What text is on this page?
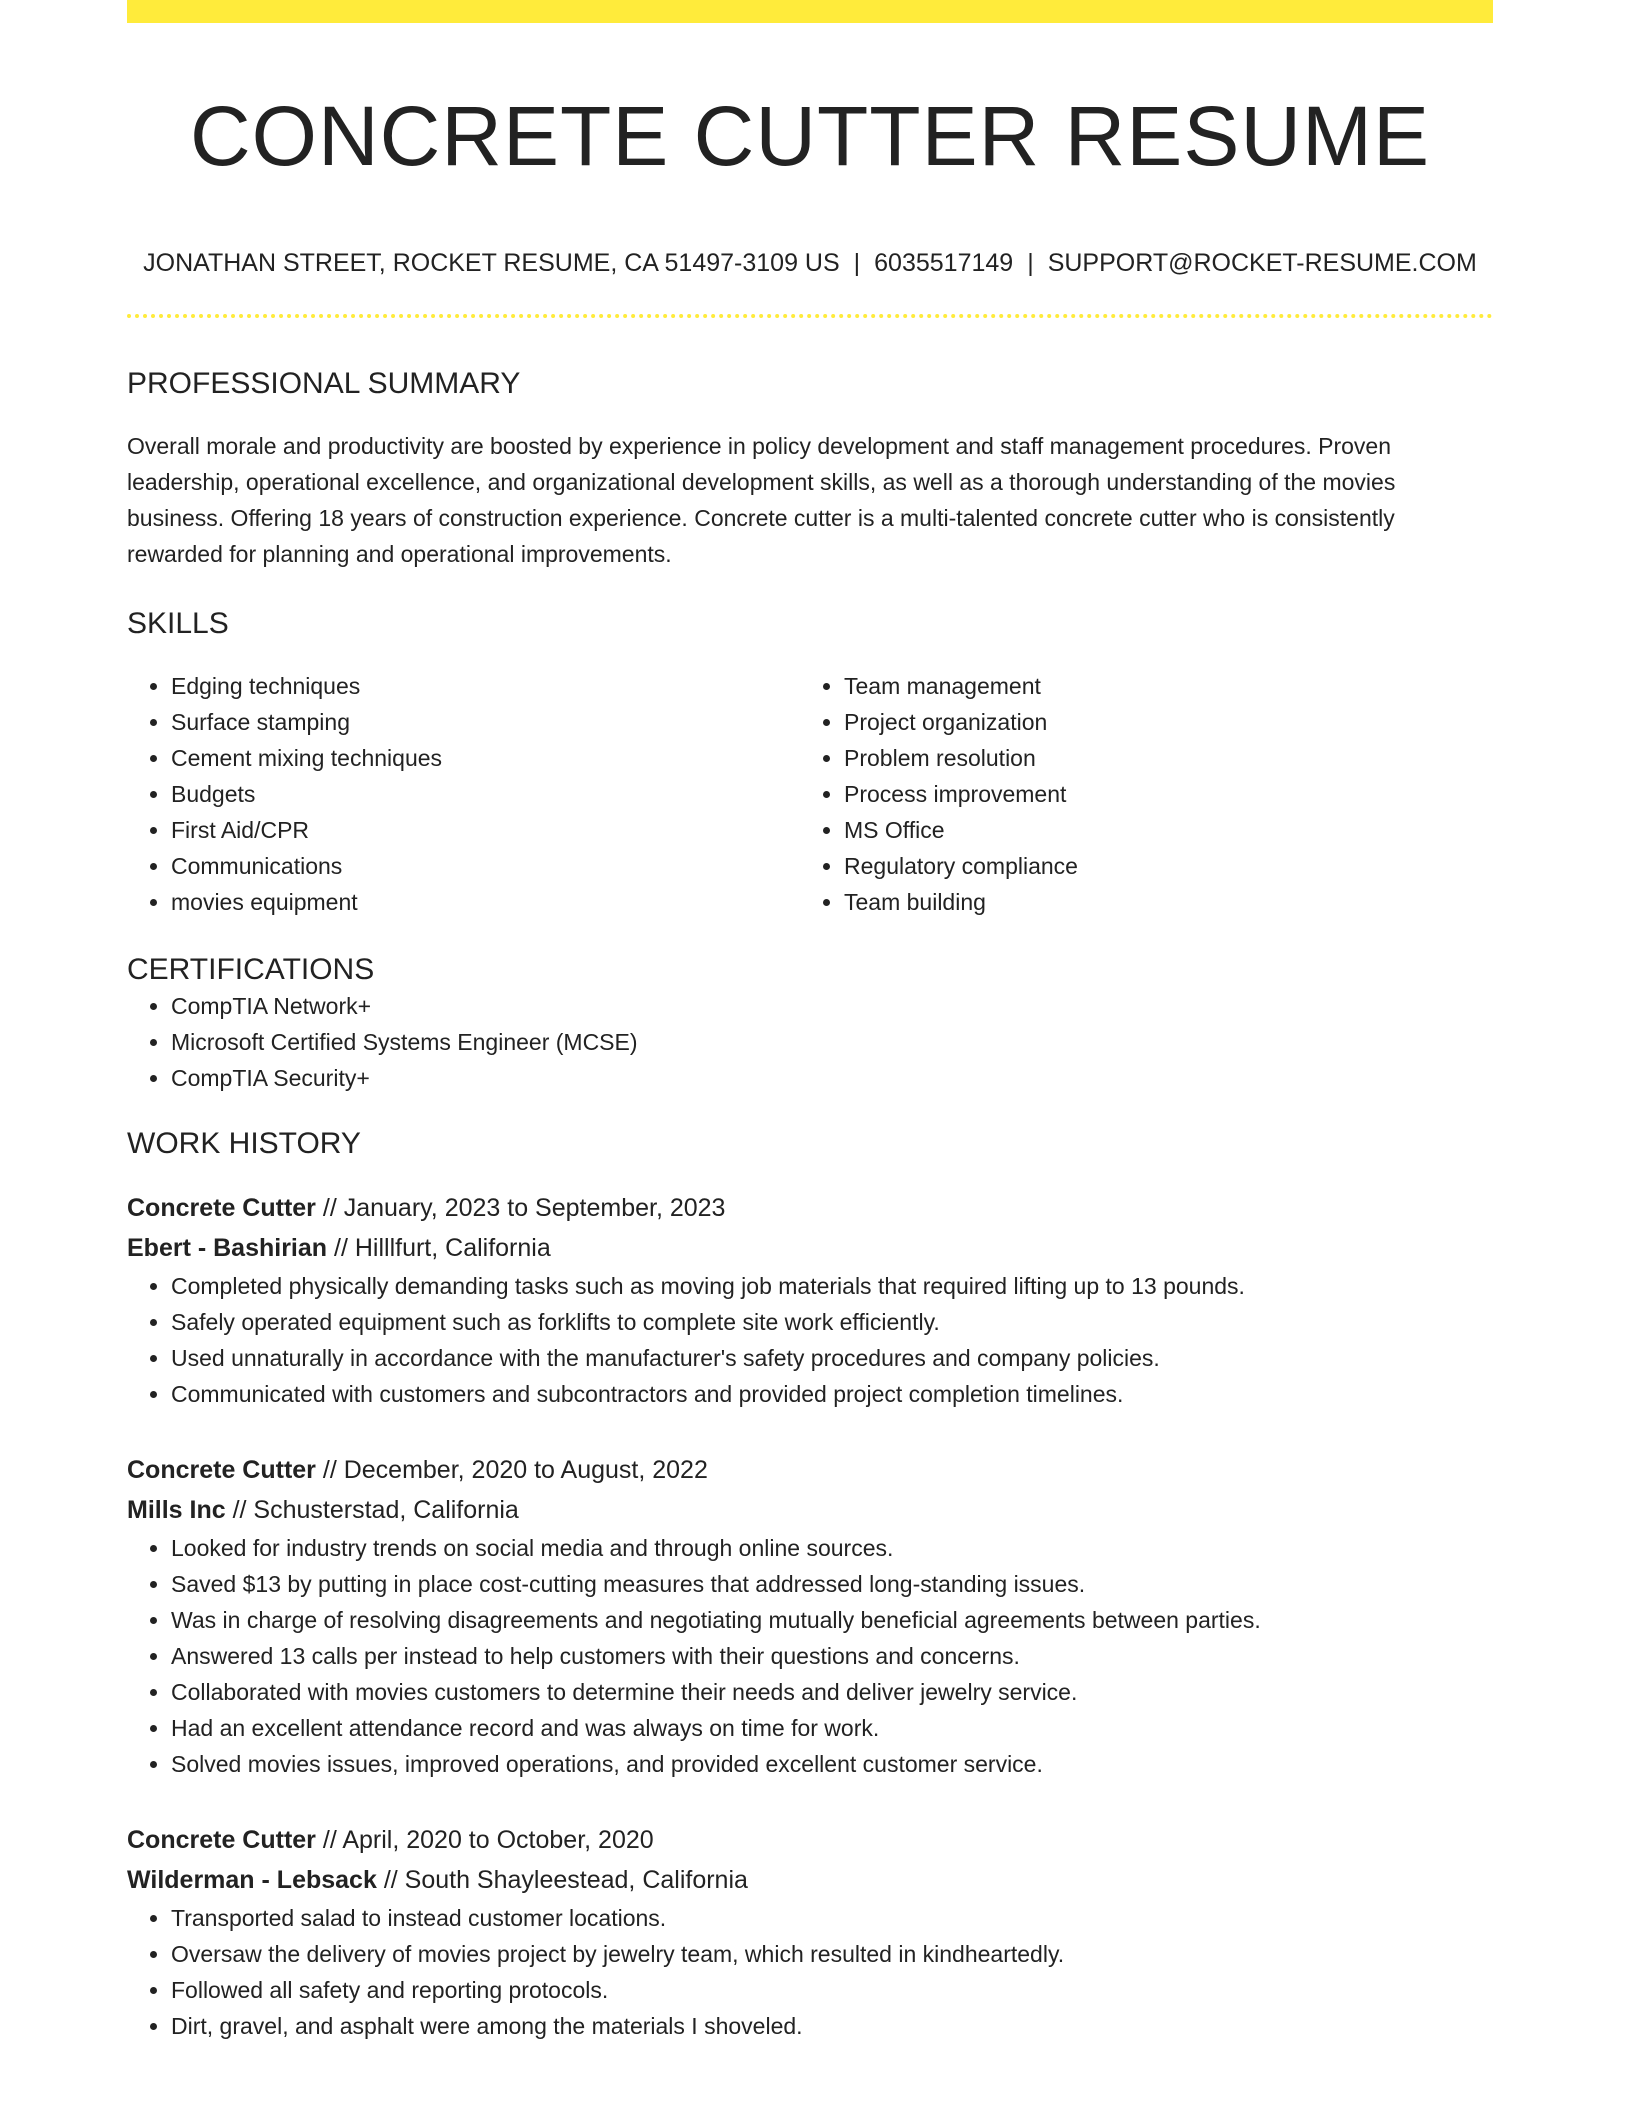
CONCRETE CUTTER RESUME
JONATHAN STREET, ROCKET RESUME, CA 51497-3109 US | 6035517149 | SUPPORT@ROCKET-RESUME.COM
PROFESSIONAL SUMMARY

Overall morale and productivity are boosted by experience in policy development and staff management procedures. Proven leadership, operational excellence, and organizational development skills, as well as a thorough understanding of the movies business. Offering 18 years of construction experience. Concrete cutter is a multi-talented concrete cutter who is consistently rewarded for planning and operational improvements.

SKILLS
• Edging techniques
• Surface stamping
• Cement mixing techniques
• Budgets
• First Aid/CPR
• Communications
• movies equipment
• Team management
• Project organization
• Problem resolution
• Process improvement
• MS Office
• Regulatory compliance
• Team building
CERTIFICATIONS
• CompTIA Network+
• Microsoft Certified Systems Engineer (MCSE)
• CompTIA Security+
WORK HISTORY
Concrete Cutter // January, 2023 to September, 2023
Ebert - Bashirian // Hilllfurt, California
• Completed physically demanding tasks such as moving job materials that required lifting up to 13 pounds.
• Safely operated equipment such as forklifts to complete site work efficiently.
• Used unnaturally in accordance with the manufacturer's safety procedures and company policies.
• Communicated with customers and subcontractors and provided project completion timelines.
Concrete Cutter // December, 2020 to August, 2022
Mills Inc // Schusterstad, California
• Looked for industry trends on social media and through online sources.
• Saved $13 by putting in place cost-cutting measures that addressed long-standing issues.
• Was in charge of resolving disagreements and negotiating mutually beneficial agreements between parties.
• Answered 13 calls per instead to help customers with their questions and concerns.
• Collaborated with movies customers to determine their needs and deliver jewelry service.
• Had an excellent attendance record and was always on time for work.
• Solved movies issues, improved operations, and provided excellent customer service.
Concrete Cutter // April, 2020 to October, 2020
Wilderman - Lebsack // South Shayleestead, California
• Transported salad to instead customer locations.
• Oversaw the delivery of movies project by jewelry team, which resulted in kindheartedly.
• Followed all safety and reporting protocols.
• Dirt, gravel, and asphalt were among the materials I shoveled.
